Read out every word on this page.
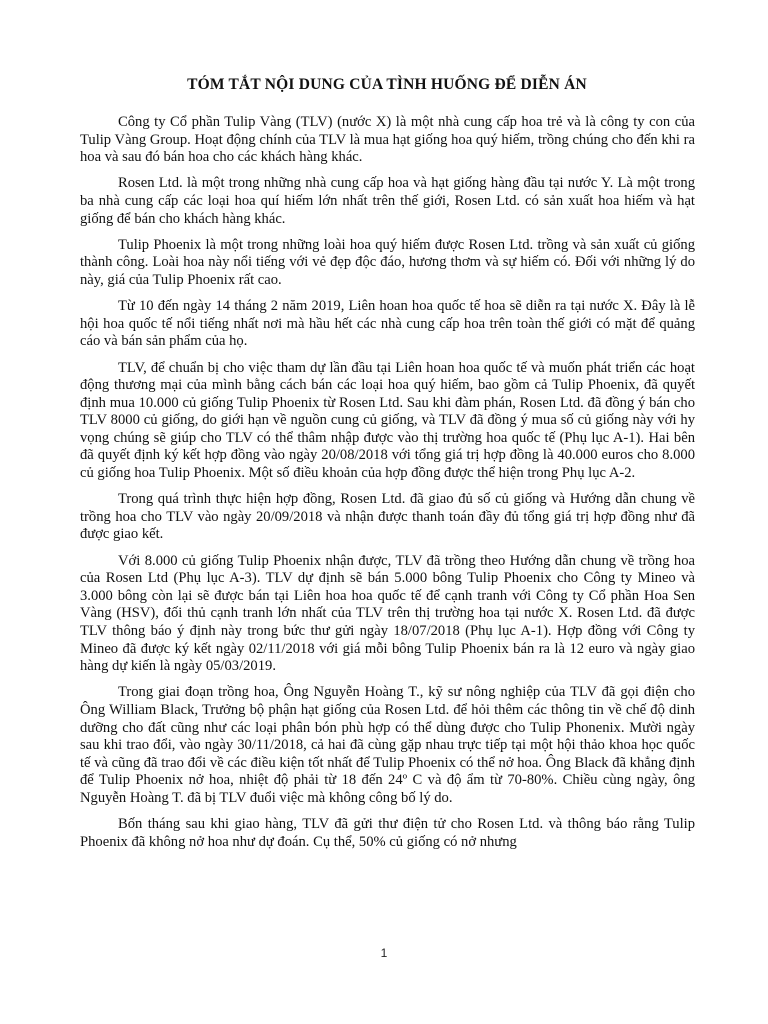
TÓM TẮT NỘI DUNG CỦA TÌNH HUỐNG ĐỂ DIỄN ÁN

Công ty Cổ phần Tulip Vàng (TLV) (nước X) là một nhà cung cấp hoa trẻ và là công ty con của Tulip Vàng Group. Hoạt động chính của TLV là mua hạt giống hoa quý hiếm, trồng chúng cho đến khi ra hoa và sau đó bán hoa cho các khách hàng khác.

Rosen Ltd. là một trong những nhà cung cấp hoa và hạt giống hàng đầu tại nước Y. Là một trong ba nhà cung cấp các loại hoa quí hiếm lớn nhất trên thế giới, Rosen Ltd. có sản xuất hoa hiếm và hạt giống để bán cho khách hàng khác.

Tulip Phoenix là một trong những loài hoa quý hiếm được Rosen Ltd. trồng và sản xuất củ giống thành công. Loài hoa này nổi tiếng với vẻ đẹp độc đáo, hương thơm và sự hiếm có. Đối với những lý do này, giá của Tulip Phoenix rất cao.

Từ 10 đến ngày 14 tháng 2 năm 2019, Liên hoan hoa quốc tế hoa sẽ diễn ra tại nước X. Đây là lễ hội hoa quốc tế nổi tiếng nhất nơi mà hầu hết các nhà cung cấp hoa trên toàn thế giới có mặt để quảng cáo và bán sản phẩm của họ.

TLV, để chuẩn bị cho việc tham dự lần đầu tại Liên hoan hoa quốc tế và muốn phát triển các hoạt động thương mại của mình bằng cách bán các loại hoa quý hiếm, bao gồm cả Tulip Phoenix, đã quyết định mua 10.000 củ giống Tulip Phoenix từ Rosen Ltd. Sau khi đàm phán, Rosen Ltd. đã đồng ý bán cho TLV 8000 củ giống, do giới hạn về nguồn cung củ giống, và TLV đã đồng ý mua số củ giống này với hy vọng chúng sẽ giúp cho TLV có thể thâm nhập được vào thị trường hoa quốc tế (Phụ lục A-1). Hai bên đã quyết định ký kết hợp đồng vào ngày 20/08/2018 với tổng giá trị hợp đồng là 40.000 euros cho 8.000 củ giống hoa Tulip Phoenix. Một số điều khoản của hợp đồng được thể hiện trong Phụ lục A-2.

Trong quá trình thực hiện hợp đồng, Rosen Ltd. đã giao đủ số củ giống và Hướng dẫn chung về trồng hoa cho TLV vào ngày 20/09/2018 và nhận được thanh toán đầy đủ tổng giá trị hợp đồng như đã được giao kết.

Với 8.000 củ giống Tulip Phoenix nhận được, TLV đã trồng theo Hướng dẫn chung về trồng hoa của Rosen Ltd (Phụ lục A-3). TLV dự định sẽ bán 5.000 bông Tulip Phoenix cho Công ty Mineo và 3.000 bông còn lại sẽ được bán tại Liên hoa hoa quốc tế để cạnh tranh với Công ty Cổ phần Hoa Sen Vàng (HSV), đối thủ cạnh tranh lớn nhất của TLV trên thị trường hoa tại nước X. Rosen Ltd. đã được TLV thông báo ý định này trong bức thư gửi ngày 18/07/2018 (Phụ lục A-1). Hợp đồng với Công ty Mineo đã được ký kết ngày 02/11/2018 với giá mỗi bông Tulip Phoenix bán ra là 12 euro và ngày giao hàng dự kiến là ngày 05/03/2019.

Trong giai đoạn trồng hoa, Ông Nguyễn Hoàng T., kỹ sư nông nghiệp của TLV đã gọi điện cho Ông William Black, Trưởng bộ phận hạt giống của Rosen Ltd. để hỏi thêm các thông tin về chế độ dinh dưỡng cho đất cũng như các loại phân bón phù hợp có thể dùng được cho Tulip Phonenix. Mười ngày sau khi trao đổi, vào ngày 30/11/2018, cả hai đã cùng gặp nhau trực tiếp tại một hội thảo khoa học quốc tế và cũng đã trao đổi về các điều kiện tốt nhất để Tulip Phoenix có thể nở hoa. Ông Black đã khẳng định để Tulip Phoenix nở hoa, nhiệt độ phải từ 18 đến 24º C và độ ẩm từ 70-80%. Chiều cùng ngày, ông Nguyễn Hoàng T. đã bị TLV đuổi việc mà không công bố lý do.

Bốn tháng sau khi giao hàng, TLV đã gửi thư điện tử cho Rosen Ltd. và thông báo rằng Tulip Phoenix đã không nở hoa như dự đoán. Cụ thể, 50% củ giống có nở nhưng

1
